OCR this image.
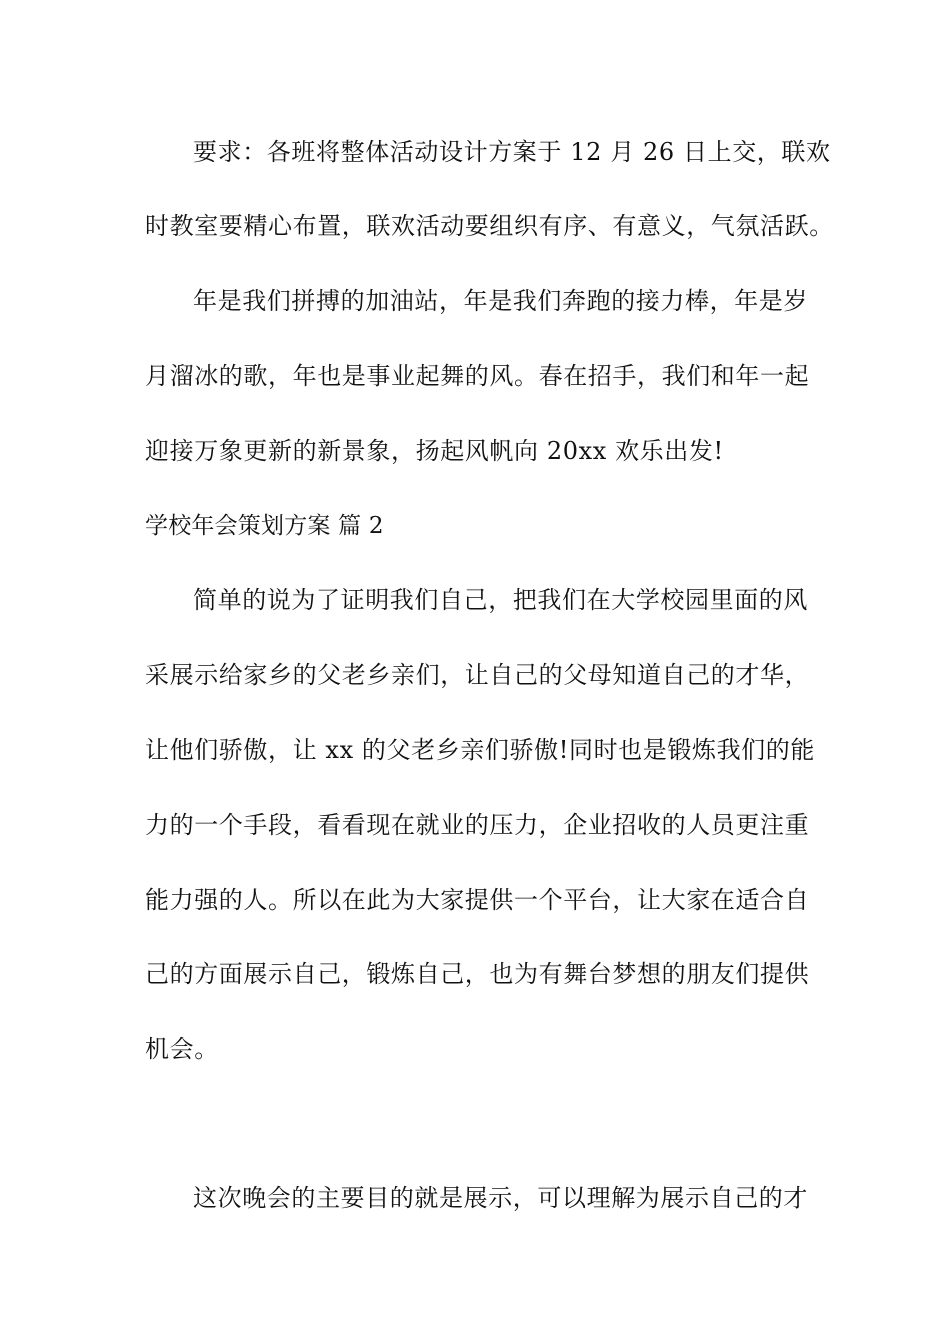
要求：各班将整体活动设计方案于 12 月 26 日上交，联欢
时教室要精心布置，联欢活动要组织有序、有意义，气氛活跃。
年是我们拼搏的加油站，年是我们奔跑的接力棒，年是岁
月溜冰的歌，年也是事业起舞的风。春在招手，我们和年一起
迎接万象更新的新景象，扬起风帆向 20xx 欢乐出发!
学校年会策划方案 篇 2
简单的说为了证明我们自己，把我们在大学校园里面的风
采展示给家乡的父老乡亲们，让自己的父母知道自己的才华，
让他们骄傲，让 xx 的父老乡亲们骄傲!同时也是锻炼我们的能
力的一个手段，看看现在就业的压力，企业招收的人员更注重
能力强的人。所以在此为大家提供一个平台，让大家在适合自
己的方面展示自己，锻炼自己，也为有舞台梦想的朋友们提供
机会。
这次晚会的主要目的就是展示，可以理解为展示自己的才
